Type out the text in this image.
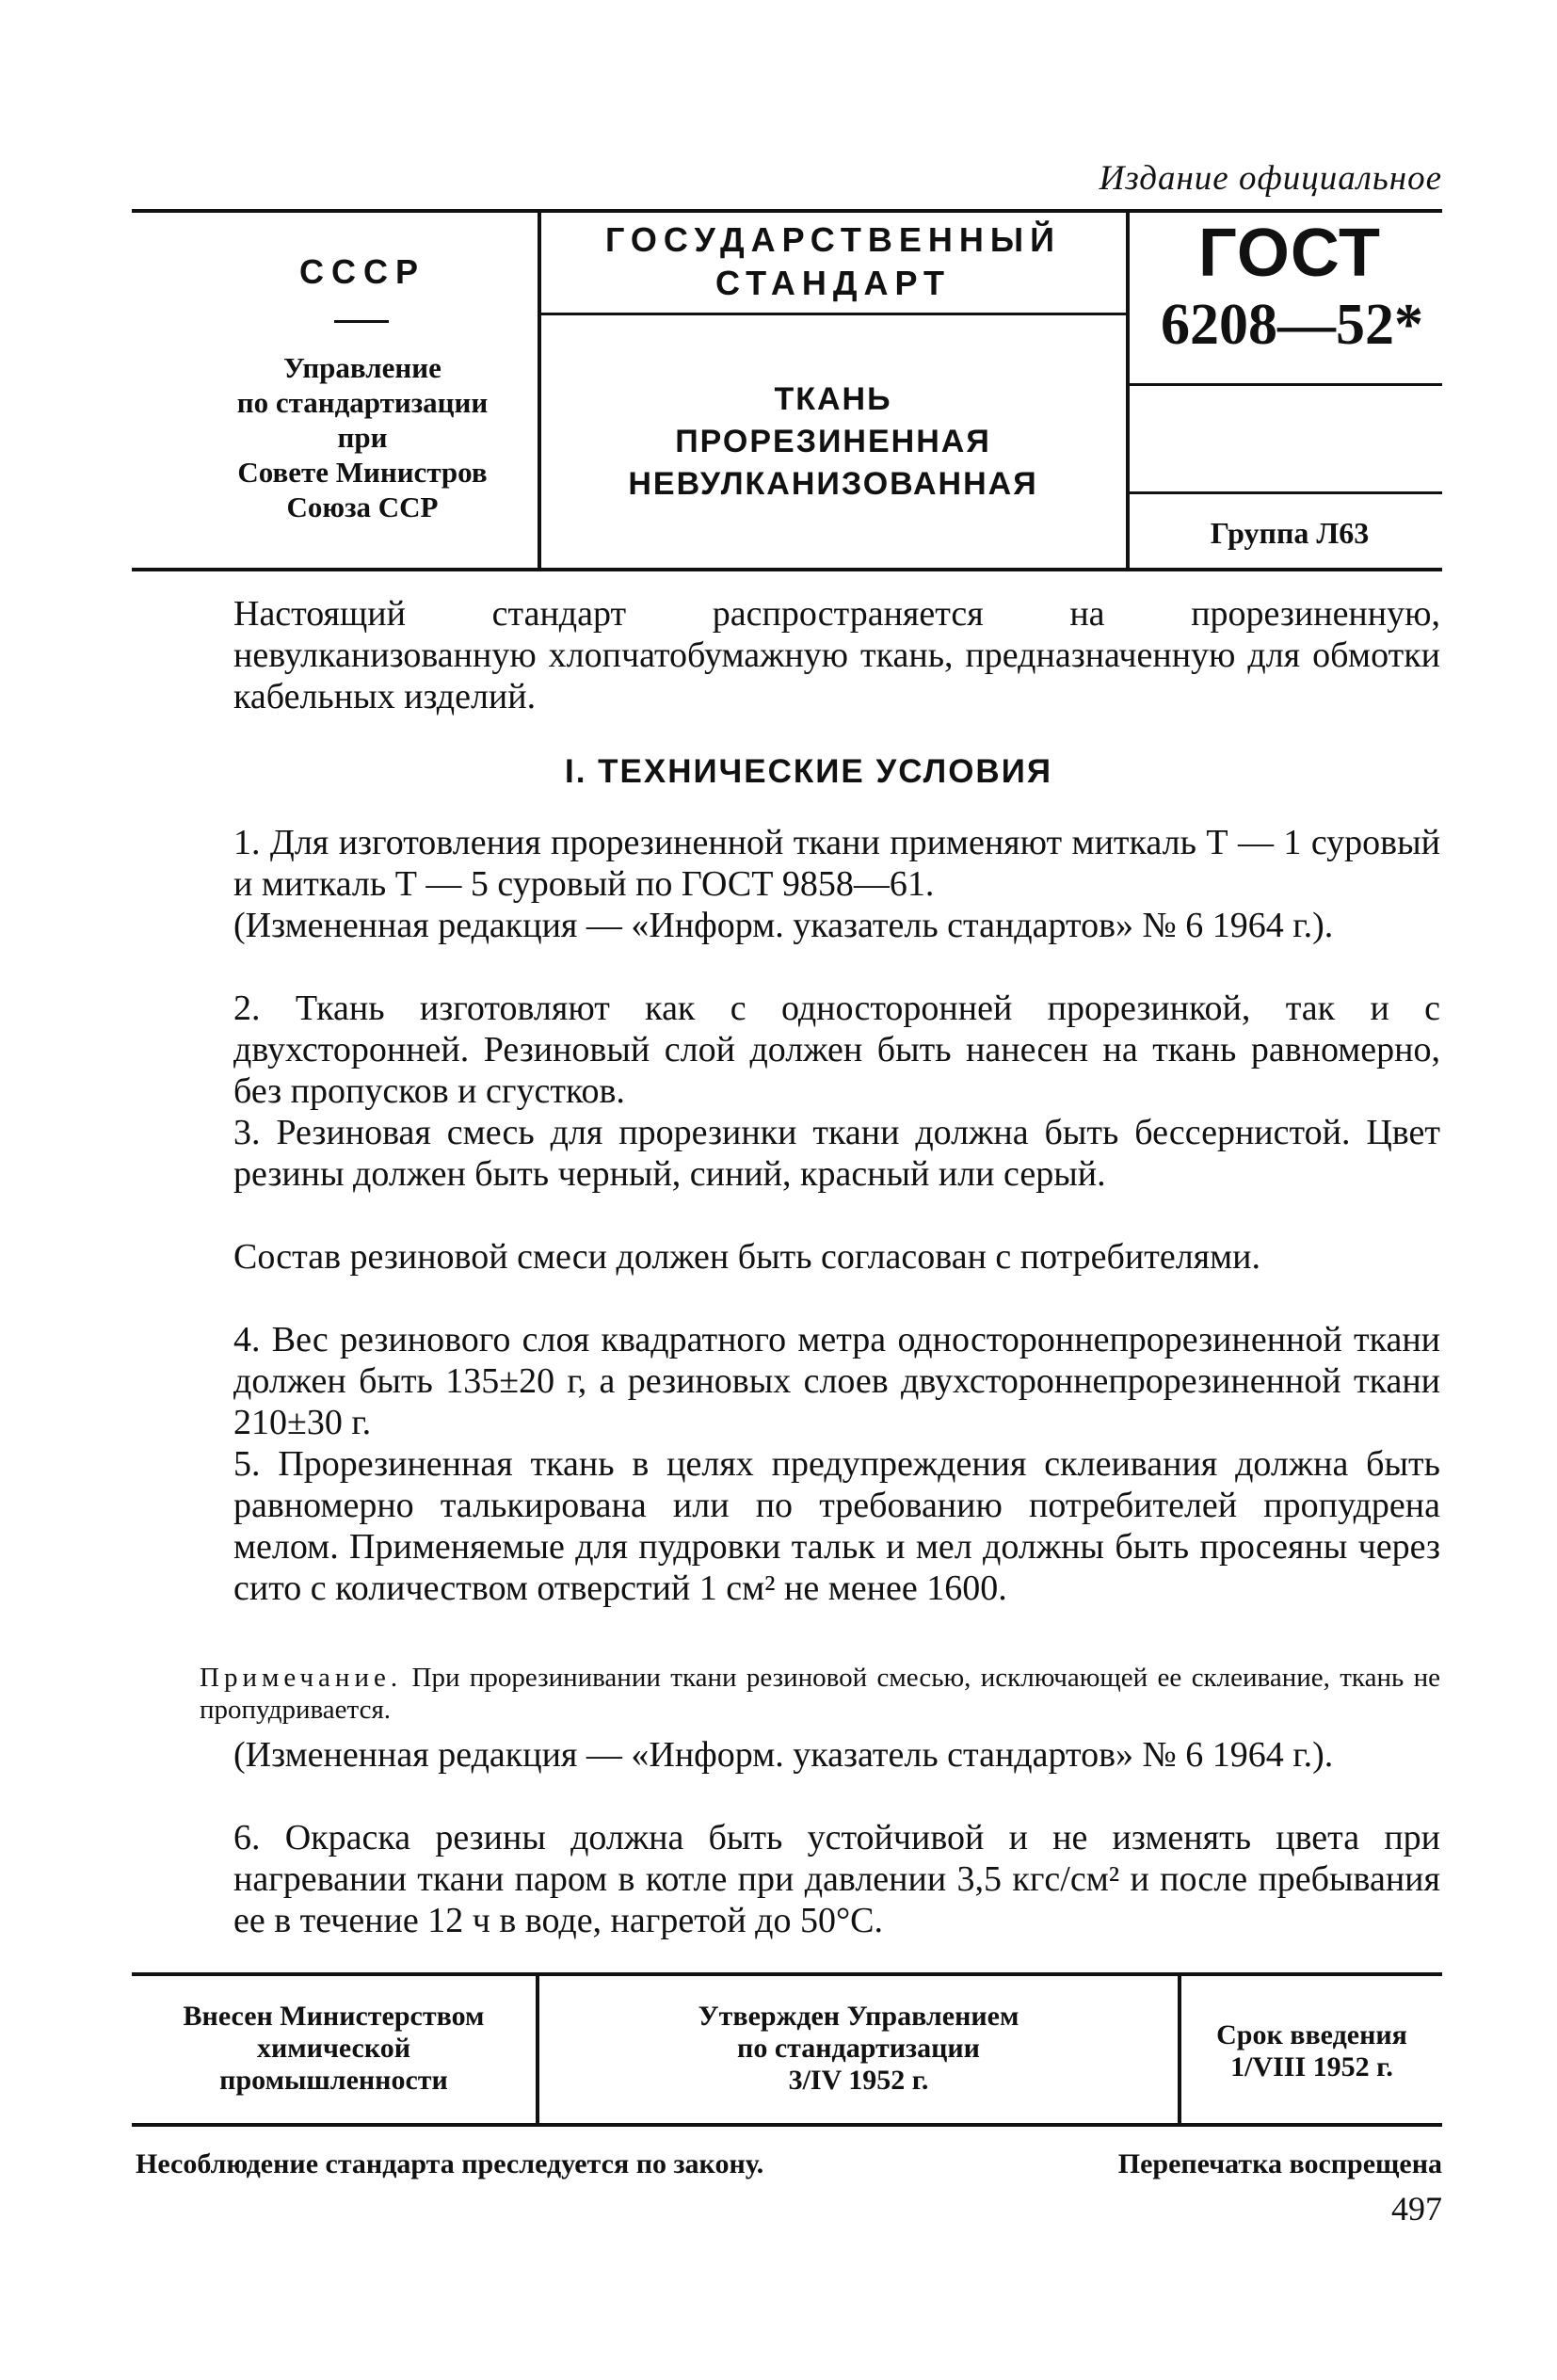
Издание официальное
СССР
Управление
по стандартизации
при
Совете Министров
Союза ССР
ГОСУДАРСТВЕННЫЙ
СТАНДАРТ
ТКАНЬ
ПРОРЕЗИНЕННАЯ
НЕВУЛКАНИЗОВАННАЯ
ГОСТ
6208—52*
Группа Л63
Настоящий стандарт распространяется на прорезиненную, невулканизованную хлопчатобумажную ткань, предназначенную для обмотки кабельных изделий.
I. ТЕХНИЧЕСКИЕ УСЛОВИЯ
1. Для изготовления прорезиненной ткани применяют миткаль Т — 1 суровый и миткаль Т — 5 суровый по ГОСТ 9858—61.
(Измененная редакция — «Информ. указатель стандартов» № 6 1964 г.).
2. Ткань изготовляют как с односторонней прорезинкой, так и с двухсторонней. Резиновый слой должен быть нанесен на ткань равномерно, без пропусков и сгустков.
3. Резиновая смесь для прорезинки ткани должна быть бессернистой. Цвет резины должен быть черный, синий, красный или серый.
Состав резиновой смеси должен быть согласован с потребителями.
4. Вес резинового слоя квадратного метра одностороннепрорезиненной ткани должен быть 135±20 г, а резиновых слоев двухстороннепрорезиненной ткани 210±30 г.
5. Прорезиненная ткань в целях предупреждения склеивания должна быть равномерно талькирована или по требованию потребителей пропудрена мелом. Применяемые для пудровки тальк и мел должны быть просеяны через сито с количеством отверстий 1 см² не менее 1600.
Примечание. При прорезинивании ткани резиновой смесью, исключающей ее склеивание, ткань не пропудривается.
(Измененная редакция — «Информ. указатель стандартов» № 6 1964 г.).
6. Окраска резины должна быть устойчивой и не изменять цвета при нагревании ткани паром в котле при давлении 3,5 кгс/см² и после пребывания ее в течение 12 ч в воде, нагретой до 50°С.
Внесен Министерством
химической
промышленности
Утвержден Управлением
по стандартизации
3/IV 1952 г.
Срок введения
1/VIII 1952 г.
Несоблюдение стандарта преследуется по закону.	Перепечатка воспрещена
497
